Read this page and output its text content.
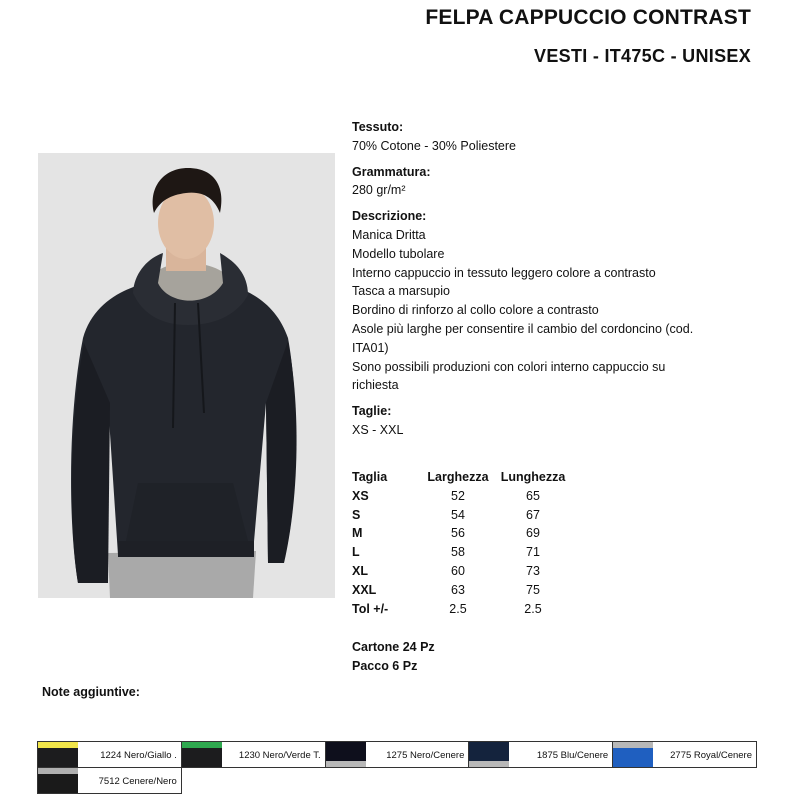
FELPA CAPPUCCIO CONTRAST
VESTI - IT475C - UNISEX
Tessuto:
70% Cotone - 30% Poliestere
Grammatura:
280 gr/m²
Descrizione:
Manica Dritta
Modello tubolare
Interno cappuccio in tessuto leggero colore a contrasto
Tasca a marsupio
Bordino di rinforzo al collo colore a contrasto
Asole più larghe per consentire il cambio del cordoncino (cod.
ITA01)
Sono possibili produzioni con colori interno cappuccio su
richiesta
Taglie:
XS - XXL
Taglia	Larghezza	Lunghezza
XS	52	65
S	54	67
M	56	69
L	58	71
XL	60	73
XXL	63	75
Tol +/-	2.5	2.5
Cartone 24 Pz
Pacco 6 Pz
Note aggiuntive:
1224 Nero/Giallo .	1230 Nero/Verde T.	1275 Nero/Cenere	1875 Blu/Cenere	2775 Royal/Cenere
7512 Cenere/Nero
